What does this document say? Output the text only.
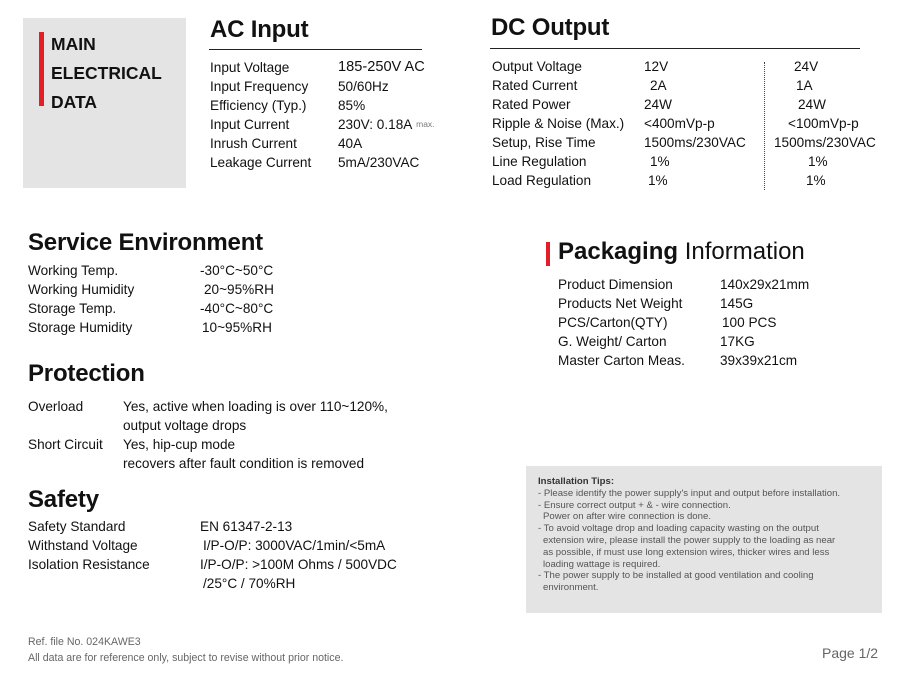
MAIN
ELECTRICAL
DATA
AC Input
Input Voltage	185-250V AC
Input Frequency	50/60Hz
Efficiency (Typ.)	85%
Input Current	230V: 0.18A
max.
Inrush Current	40A
Leakage Current	5mA/230VAC
DC Output
Output Voltage	12V	24V
Rated Current	2A	1A
Rated Power	24W	24W
Ripple & Noise (Max.)	<400mVp-p	<100mVp-p
Setup, Rise Time	1500ms/230VAC	1500ms/230VAC
Line Regulation	1%	1%
Load Regulation	1%	1%
Service Environment
Working Temp.	-30°C~50°C
Working Humidity	20~95%RH
Storage Temp.	-40°C~80°C
Storage Humidity	10~95%RH
Packaging Information
Product Dimension	140x29x21mm
Products Net Weight	145G
PCS/Carton(QTY)	100 PCS
G. Weight/ Carton	17KG
Master Carton Meas.	39x39x21cm
Protection
Overload	Yes, active when loading is over 110~120%,
output voltage drops
Short Circuit	Yes, hip-cup mode
recovers after fault condition is removed
Safety
Safety Standard	EN 61347-2-13
Withstand Voltage	I/P-O/P: 3000VAC/1min/<5mA
Isolation Resistance	I/P-O/P: >100M Ohms / 500VDC
/25°C / 70%RH
Installation Tips:
- Please identify the power supply's input and output before installation.
- Ensure correct output + & - wire connection.
Power on after wire connection is done.
- To avoid voltage drop and loading capacity wasting on the output
extension wire, please install the power supply to the loading as near
as possible, if must use long extension wires, thicker wires and less
loading wattage is required.
- The power supply to be installed at good ventilation and cooling
environment.
Ref. file No. 024KAWE3
All data are for reference only, subject to revise without prior notice.	Page 1/2
